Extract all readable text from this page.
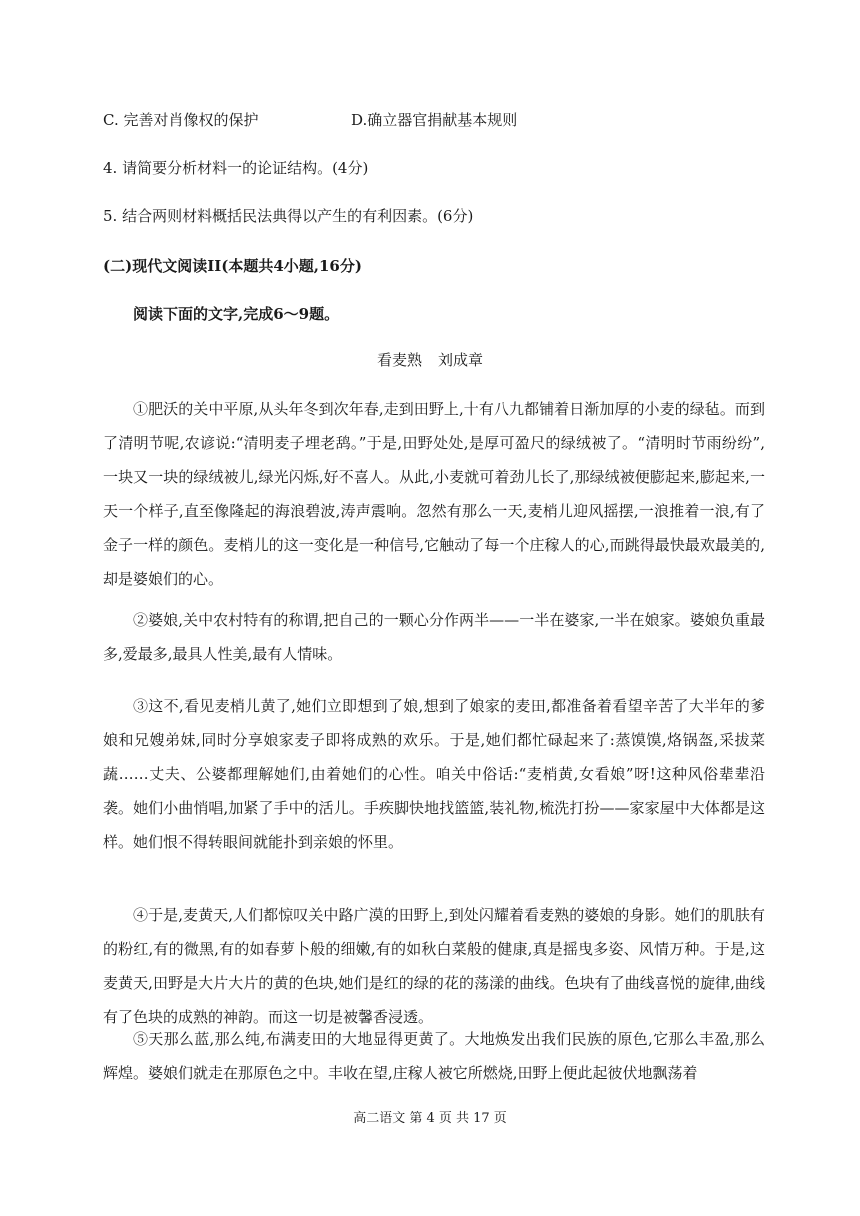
C. 完善对肖像权的保护	D.确立器官捐献基本规则
4. 请简要分析材料一的论证结构。(4分)
5. 结合两则材料概括民法典得以产生的有利因素。(6分)
(二)现代文阅读II(本题共4小题,16分)
阅读下面的文字,完成6～9题。
看麦熟 刘成章

①肥沃的关中平原,从头年冬到次年春,走到田野上,十有八九都铺着日渐加厚的小麦的绿毡。而到了清明节呢,农谚说:“清明麦子埋老鸹。”于是,田野处处,是厚可盈尺的绿绒被了。“清明时节雨纷纷”,一块又一块的绿绒被儿,绿光闪烁,好不喜人。从此,小麦就可着劲儿长了,那绿绒被便膨起来,膨起来,一天一个样子,直至像隆起的海浪碧波,涛声震响。忽然有那么一天,麦梢儿迎风摇摆,一浪推着一浪,有了金子一样的颜色。麦梢儿的这一变化是一种信号,它触动了每一个庄稼人的心,而跳得最快最欢最美的,却是婆娘们的心。

②婆娘,关中农村特有的称谓,把自己的一颗心分作两半——一半在婆家,一半在娘家。婆娘负重最多,爱最多,最具人性美,最有人情味。

③这不,看见麦梢儿黄了,她们立即想到了娘,想到了娘家的麦田,都准备着看望辛苦了大半年的爹娘和兄嫂弟妹,同时分享娘家麦子即将成熟的欢乐。于是,她们都忙碌起来了:蒸馍馍,烙锅盔,采拔菜蔬……丈夫、公婆都理解她们,由着她们的心性。咱关中俗话:“麦梢黄,女看娘”呀!这种风俗辈辈沿袭。她们小曲悄唱,加紧了手中的活儿。手疾脚快地找篮篮,装礼物,梳洗打扮——家家屋中大体都是这样。她们恨不得转眼间就能扑到亲娘的怀里。

④于是,麦黄天,人们都惊叹关中路广漠的田野上,到处闪耀着看麦熟的婆娘的身影。她们的肌肤有的粉红,有的微黑,有的如春萝卜般的细嫩,有的如秋白菜般的健康,真是摇曳多姿、风情万种。于是,这麦黄天,田野是大片大片的黄的色块,她们是红的绿的花的荡漾的曲线。色块有了曲线喜悦的旋律,曲线有了色块的成熟的神韵。而这一切是被馨香浸透。

⑤天那么蓝,那么纯,布满麦田的大地显得更黄了。大地焕发出我们民族的原色,它那么丰盈,那么辉煌。婆娘们就走在那原色之中。丰收在望,庄稼人被它所燃烧,田野上便此起彼伏地飘荡着

高二语文 第 4 页 共 17 页
